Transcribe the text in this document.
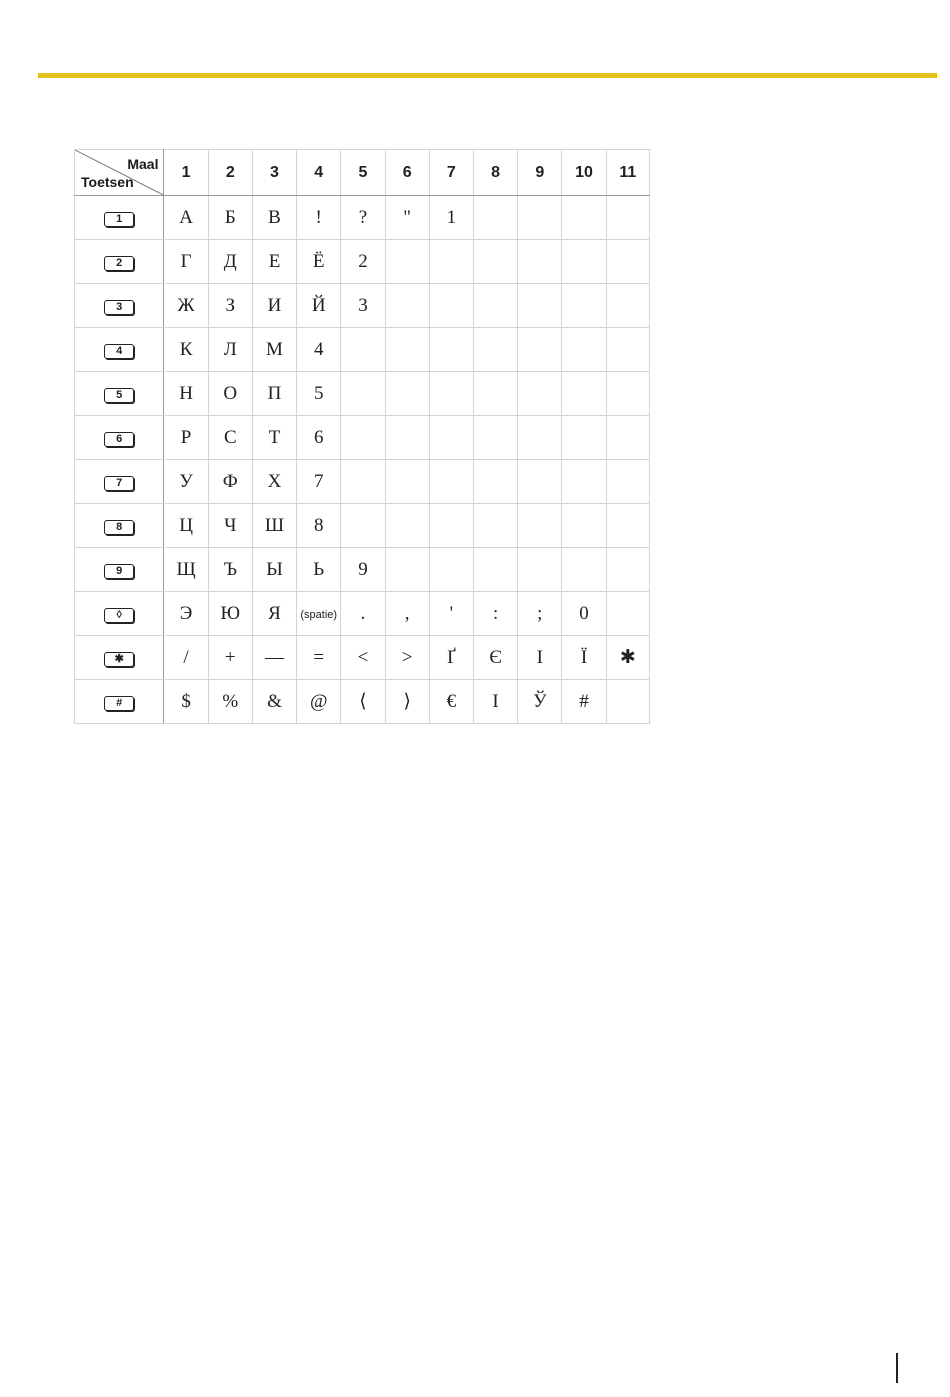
Maal
Toetsen	1	2	3	4	5	6	7	8	9	10	11
1	А	Б	В	!	?	"	1				
2	Г	Д	Е	Ё	2						
3	Ж	З	И	Й	3						
4	К	Л	М	4							
5	Н	О	П	5							
6	Р	С	Т	6							
7	У	Ф	Х	7							
8	Ц	Ч	Ш	8							
9	Щ	Ъ	Ы	Ь	9						
◊	Э	Ю	Я	(spatie)	.	,	'	:	;	0	
✱	/	+	—	=	<	>	Ґ	Є	І	Ї	✱
#	$	%	&	@	⟨	⟩	€	I	Ў	#	
